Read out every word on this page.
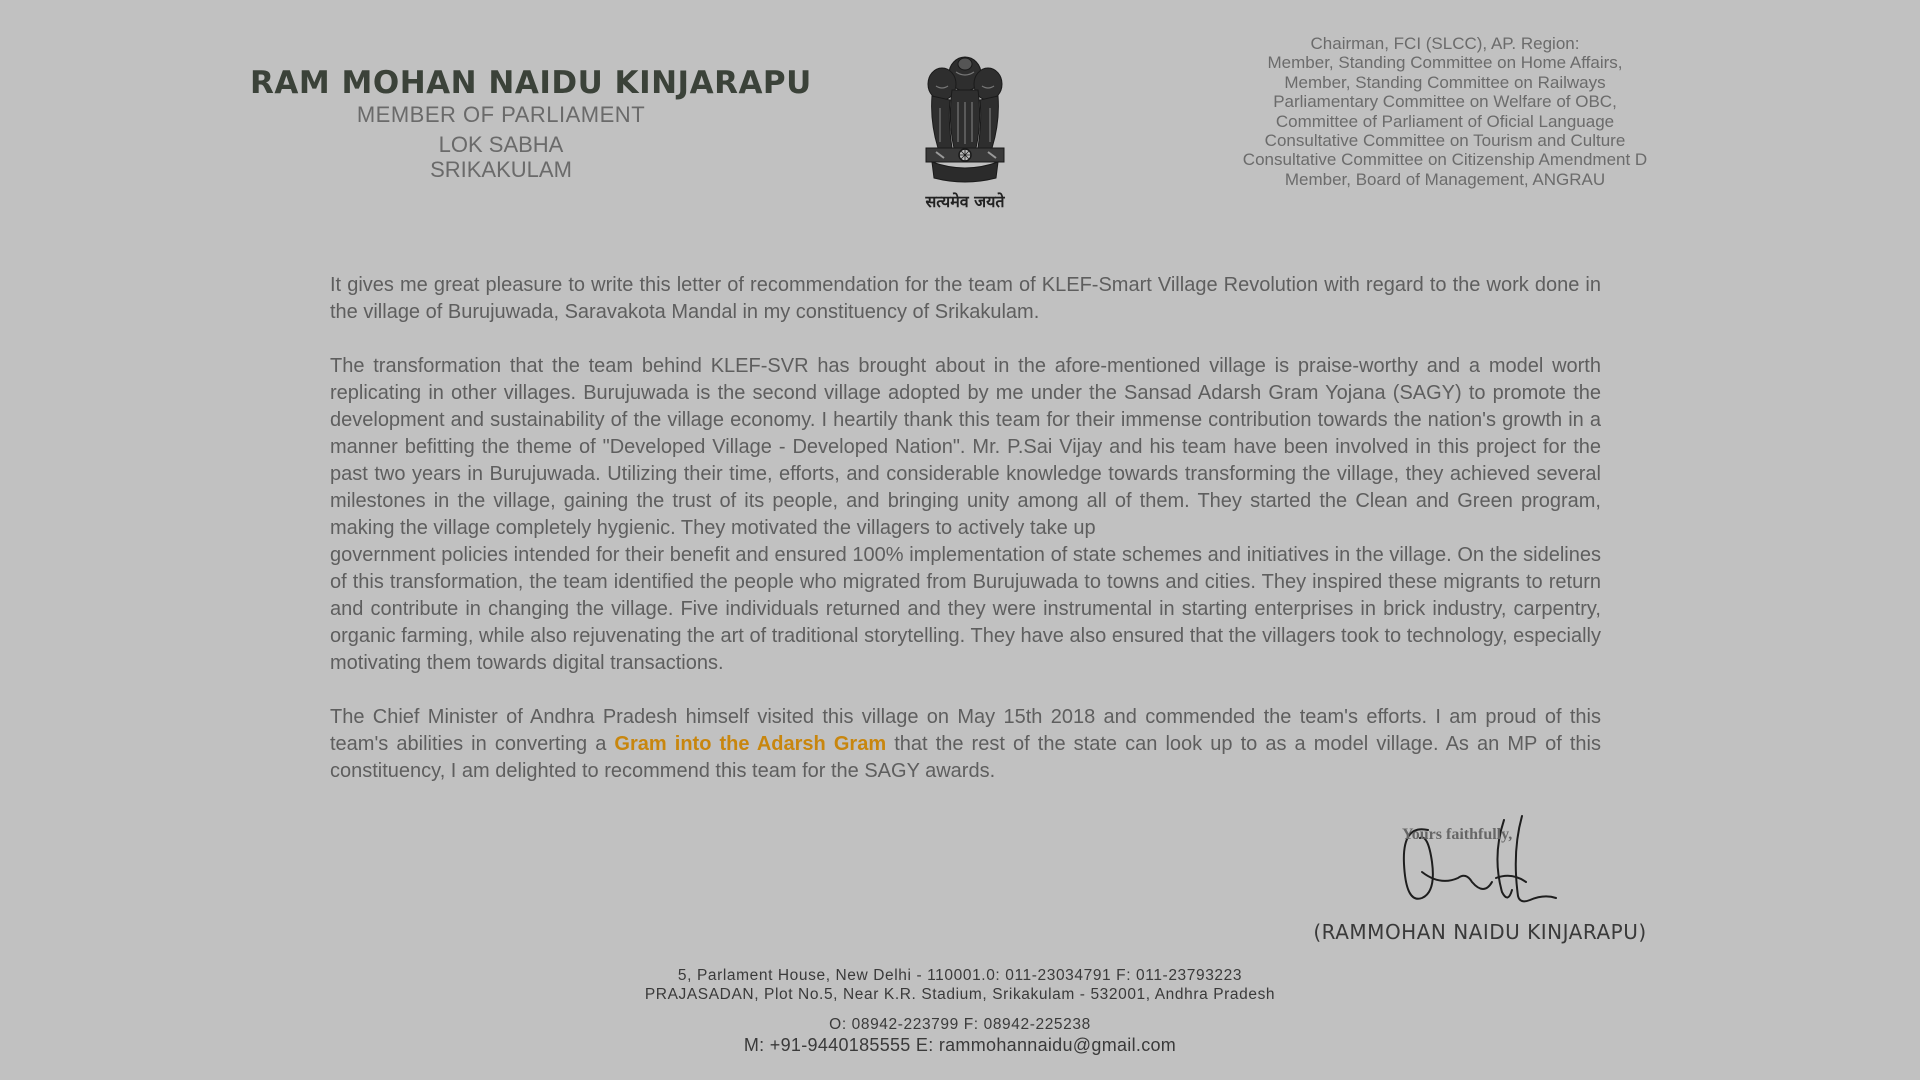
RAM MOHAN NAIDU KINJARAPU
MEMBER OF PARLIAMENT
LOK SABHA
SRIKAKULAM
सत्यमेव जयते
Chairman, FCI (SLCC), AP. Region:
Member, Standing Committee on Home Affairs,
Member, Standing Committee on Railways
Parliamentary Committee on Welfare of OBC,
Committee of Parliament of Oficial Language
Consultative Committee on Tourism and Culture
Consultative Committee on Citizenship Amendment D
Member, Board of Management, ANGRAU

It gives me great pleasure to write this letter of recommendation for the team of KLEF-Smart Village Revolution with regard to the work done in the village of Burujuwada, Saravakota Mandal in my constituency of Srikakulam.

The transformation that the team behind KLEF-SVR has brought about in the afore-mentioned village is praise-worthy and a model worth replicating in other villages. Burujuwada is the second village adopted by me under the Sansad Adarsh Gram Yojana (SAGY) to promote the development and sustainability of the village economy. I heartily thank this team for their immense contribution towards the nation's growth in a manner befitting the theme of "Developed Village - Developed Nation". Mr. P.Sai Vijay and his team have been involved in this project for the past two years in Burujuwada. Utilizing their time, efforts, and considerable knowledge towards transforming the village, they achieved several milestones in the village, gaining the trust of its people, and bringing unity among all of them. They started the Clean and Green program, making the village completely hygienic. They motivated the villagers to actively take up

government policies intended for their benefit and ensured 100% implementation of state schemes and initiatives in the village. On the sidelines of this transformation, the team identified the people who migrated from Burujuwada to towns and cities. They inspired these migrants to return and contribute in changing the village. Five individuals returned and they were instrumental in starting enterprises in brick industry, carpentry, organic farming, while also rejuvenating the art of traditional storytelling. They have also ensured that the villagers took to technology, especially motivating them towards digital transactions.

The Chief Minister of Andhra Pradesh himself visited this village on May 15th 2018 and commended the team's efforts. I am proud of this team's abilities in converting a Gram into the Adarsh Gram that the rest of the state can look up to as a model village. As an MP of this constituency, I am delighted to recommend this team for the SAGY awards.

Yours faithfully,
(RAMMOHAN NAIDU KINJARAPU)
5, Parlament House, New Delhi - 110001.0: 011-23034791 F: 011-23793223
PRAJASADAN, Plot No.5, Near K.R. Stadium, Srikakulam - 532001, Andhra Pradesh
O: 08942-223799 F: 08942-225238
M: +91-9440185555 E: rammohannaidu@gmail.com
